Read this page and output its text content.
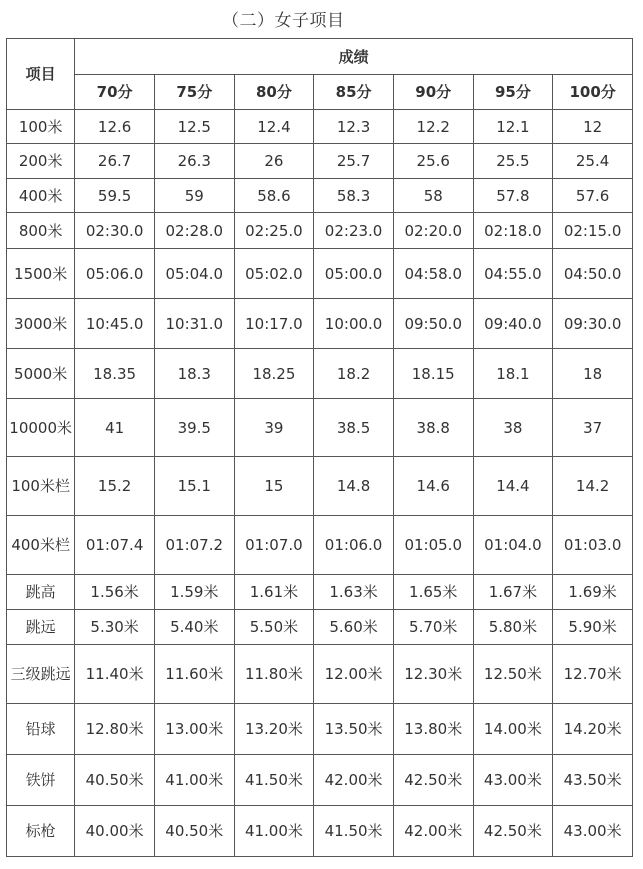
（二）女子项目
项目	成绩						
	70分	75分	80分	85分	90分	95分	100分
100米	12.6	12.5	12.4	12.3	12.2	12.1	12
200米	26.7	26.3	26	25.7	25.6	25.5	25.4
400米	59.5	59	58.6	58.3	58	57.8	57.6
800米	02:30.0	02:28.0	02:25.0	02:23.0	02:20.0	02:18.0	02:15.0
1500米	05:06.0	05:04.0	05:02.0	05:00.0	04:58.0	04:55.0	04:50.0
3000米	10:45.0	10:31.0	10:17.0	10:00.0	09:50.0	09:40.0	09:30.0
5000米	18.35	18.3	18.25	18.2	18.15	18.1	18
10000米	41	39.5	39	38.5	38.8	38	37
100米栏	15.2	15.1	15	14.8	14.6	14.4	14.2
400米栏	01:07.4	01:07.2	01:07.0	01:06.0	01:05.0	01:04.0	01:03.0
跳高	1.56米	1.59米	1.61米	1.63米	1.65米	1.67米	1.69米
跳远	5.30米	5.40米	5.50米	5.60米	5.70米	5.80米	5.90米
三级跳远	11.40米	11.60米	11.80米	12.00米	12.30米	12.50米	12.70米
铅球	12.80米	13.00米	13.20米	13.50米	13.80米	14.00米	14.20米
铁饼	40.50米	41.00米	41.50米	42.00米	42.50米	43.00米	43.50米
标枪	40.00米	40.50米	41.00米	41.50米	42.00米	42.50米	43.00米
